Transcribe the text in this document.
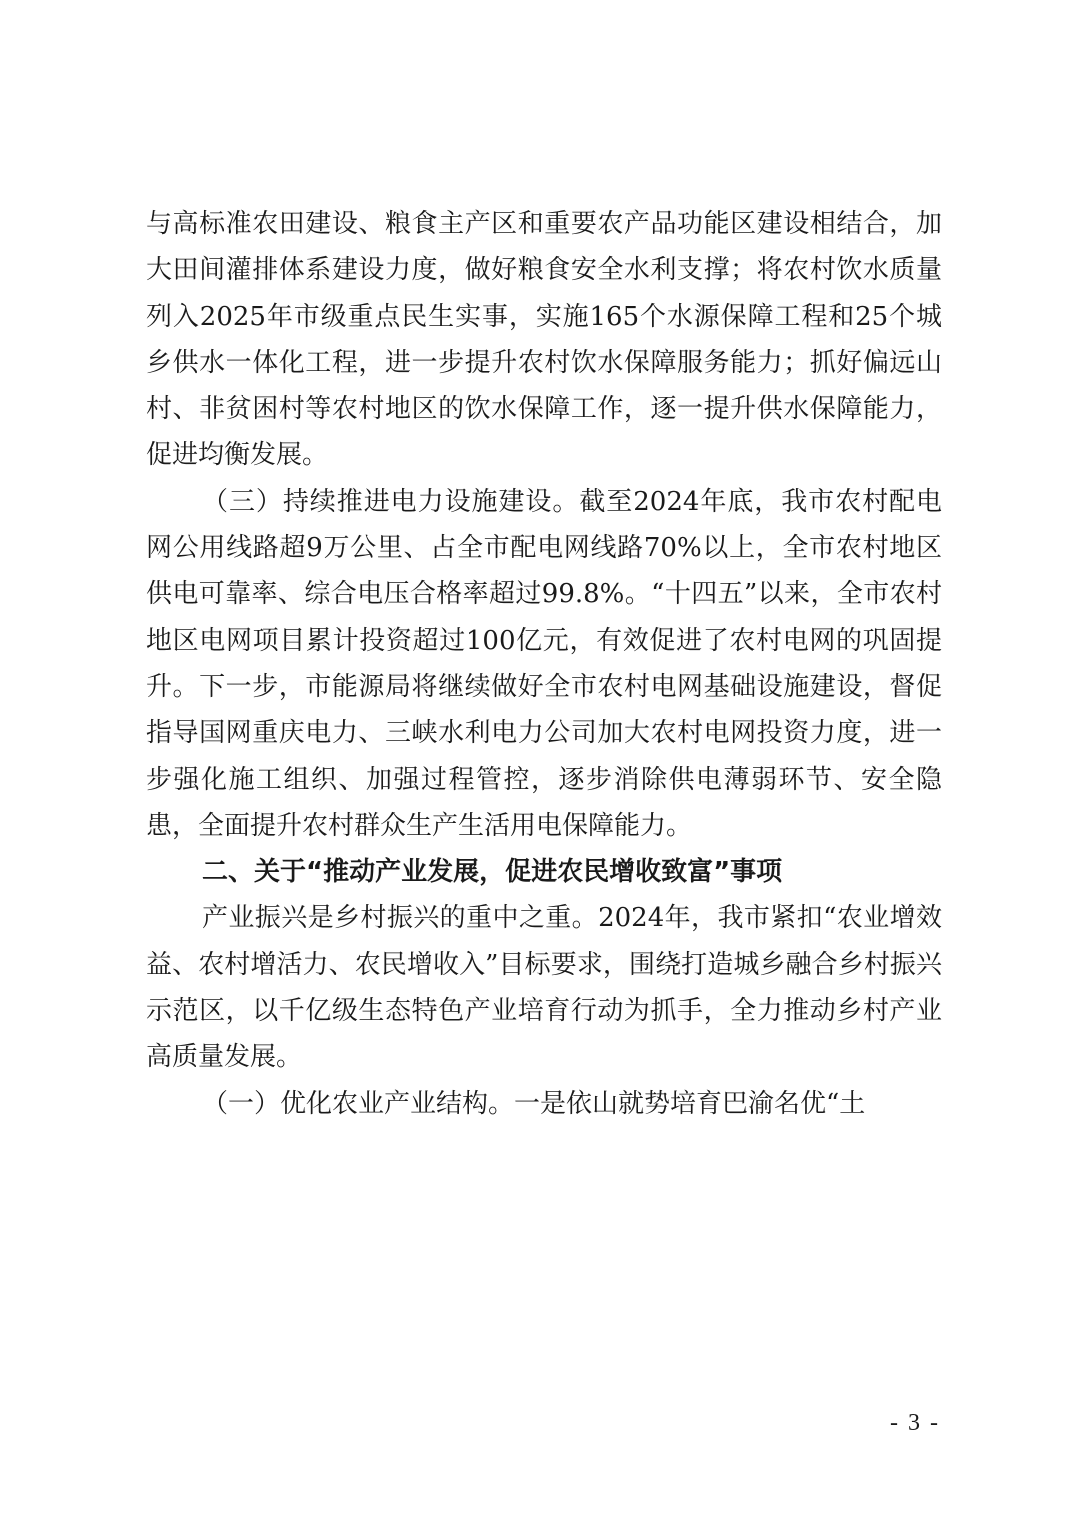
与高标准农田建设、粮食主产区和重要农产品功能区建设相结合，加大田间灌排体系建设力度，做好粮食安全水利支撑；将农村饮水质量列入2025年市级重点民生实事，实施165个水源保障工程和25个城乡供水一体化工程，进一步提升农村饮水保障服务能力；抓好偏远山村、非贫困村等农村地区的饮水保障工作，逐一提升供水保障能力，促进均衡发展。

（三）持续推进电力设施建设。截至2024年底，我市农村配电网公用线路超9万公里、占全市配电网线路70%以上，全市农村地区供电可靠率、综合电压合格率超过99.8%。“十四五”以来，全市农村地区电网项目累计投资超过100亿元，有效促进了农村电网的巩固提升。下一步，市能源局将继续做好全市农村电网基础设施建设，督促指导国网重庆电力、三峡水利电力公司加大农村电网投资力度，进一步强化施工组织、加强过程管控，逐步消除供电薄弱环节、安全隐患，全面提升农村群众生产生活用电保障能力。

二、关于“推动产业发展，促进农民增收致富”事项

产业振兴是乡村振兴的重中之重。2024年，我市紧扣“农业增效益、农村增活力、农民增收入”目标要求，围绕打造城乡融合乡村振兴示范区，以千亿级生态特色产业培育行动为抓手，全力推动乡村产业高质量发展。

（一）优化农业产业结构。一是依山就势培育巴渝名优“土

- 3 -
